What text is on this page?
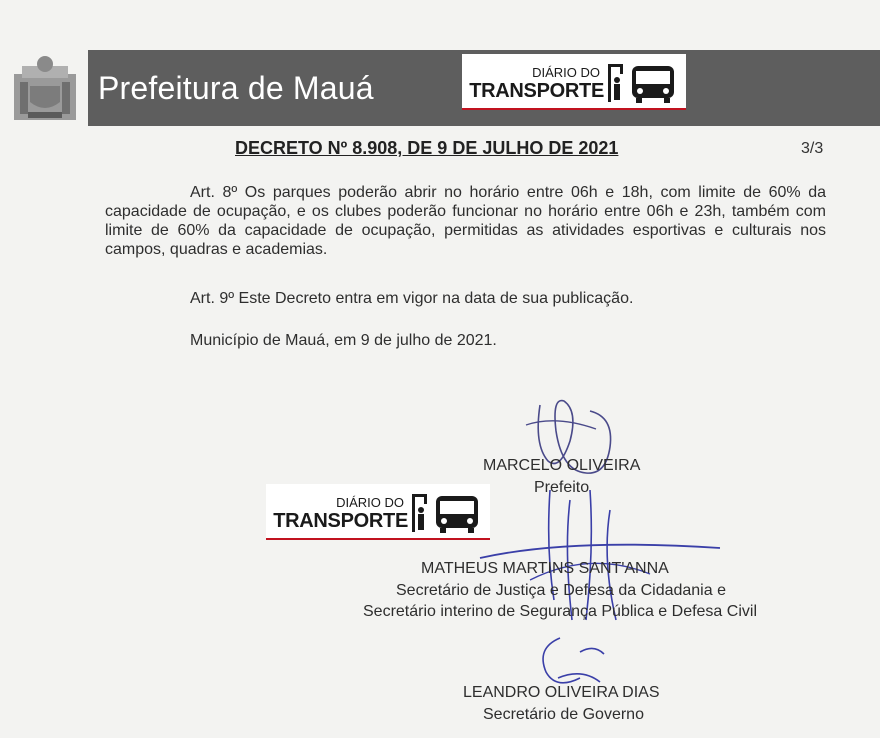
Prefeitura de Mauá	DIÁRIO DO
TRANSPORTE
DECRETO Nº 8.908, DE 9 DE JULHO DE 2021	3/3
Art. 8º Os parques poderão abrir no horário entre 06h e 18h, com limite de 60% da capacidade de ocupação, e os clubes poderão funcionar no horário entre 06h e 23h, também com limite de 60% da capacidade de ocupação, permitidas as atividades esportivas e culturais nos campos, quadras e academias.
Art. 9º Este Decreto entra em vigor na data de sua publicação.
Município de Mauá, em 9 de julho de 2021.
MARCELO OLIVEIRA
Prefeito
DIÁRIO DO
TRANSPORTE
MATHEUS MARTINS SANT'ANNA
Secretário de Justiça e Defesa da Cidadania e
Secretário interino de Segurança Pública e Defesa Civil
LEANDRO OLIVEIRA DIAS
Secretário de Governo
